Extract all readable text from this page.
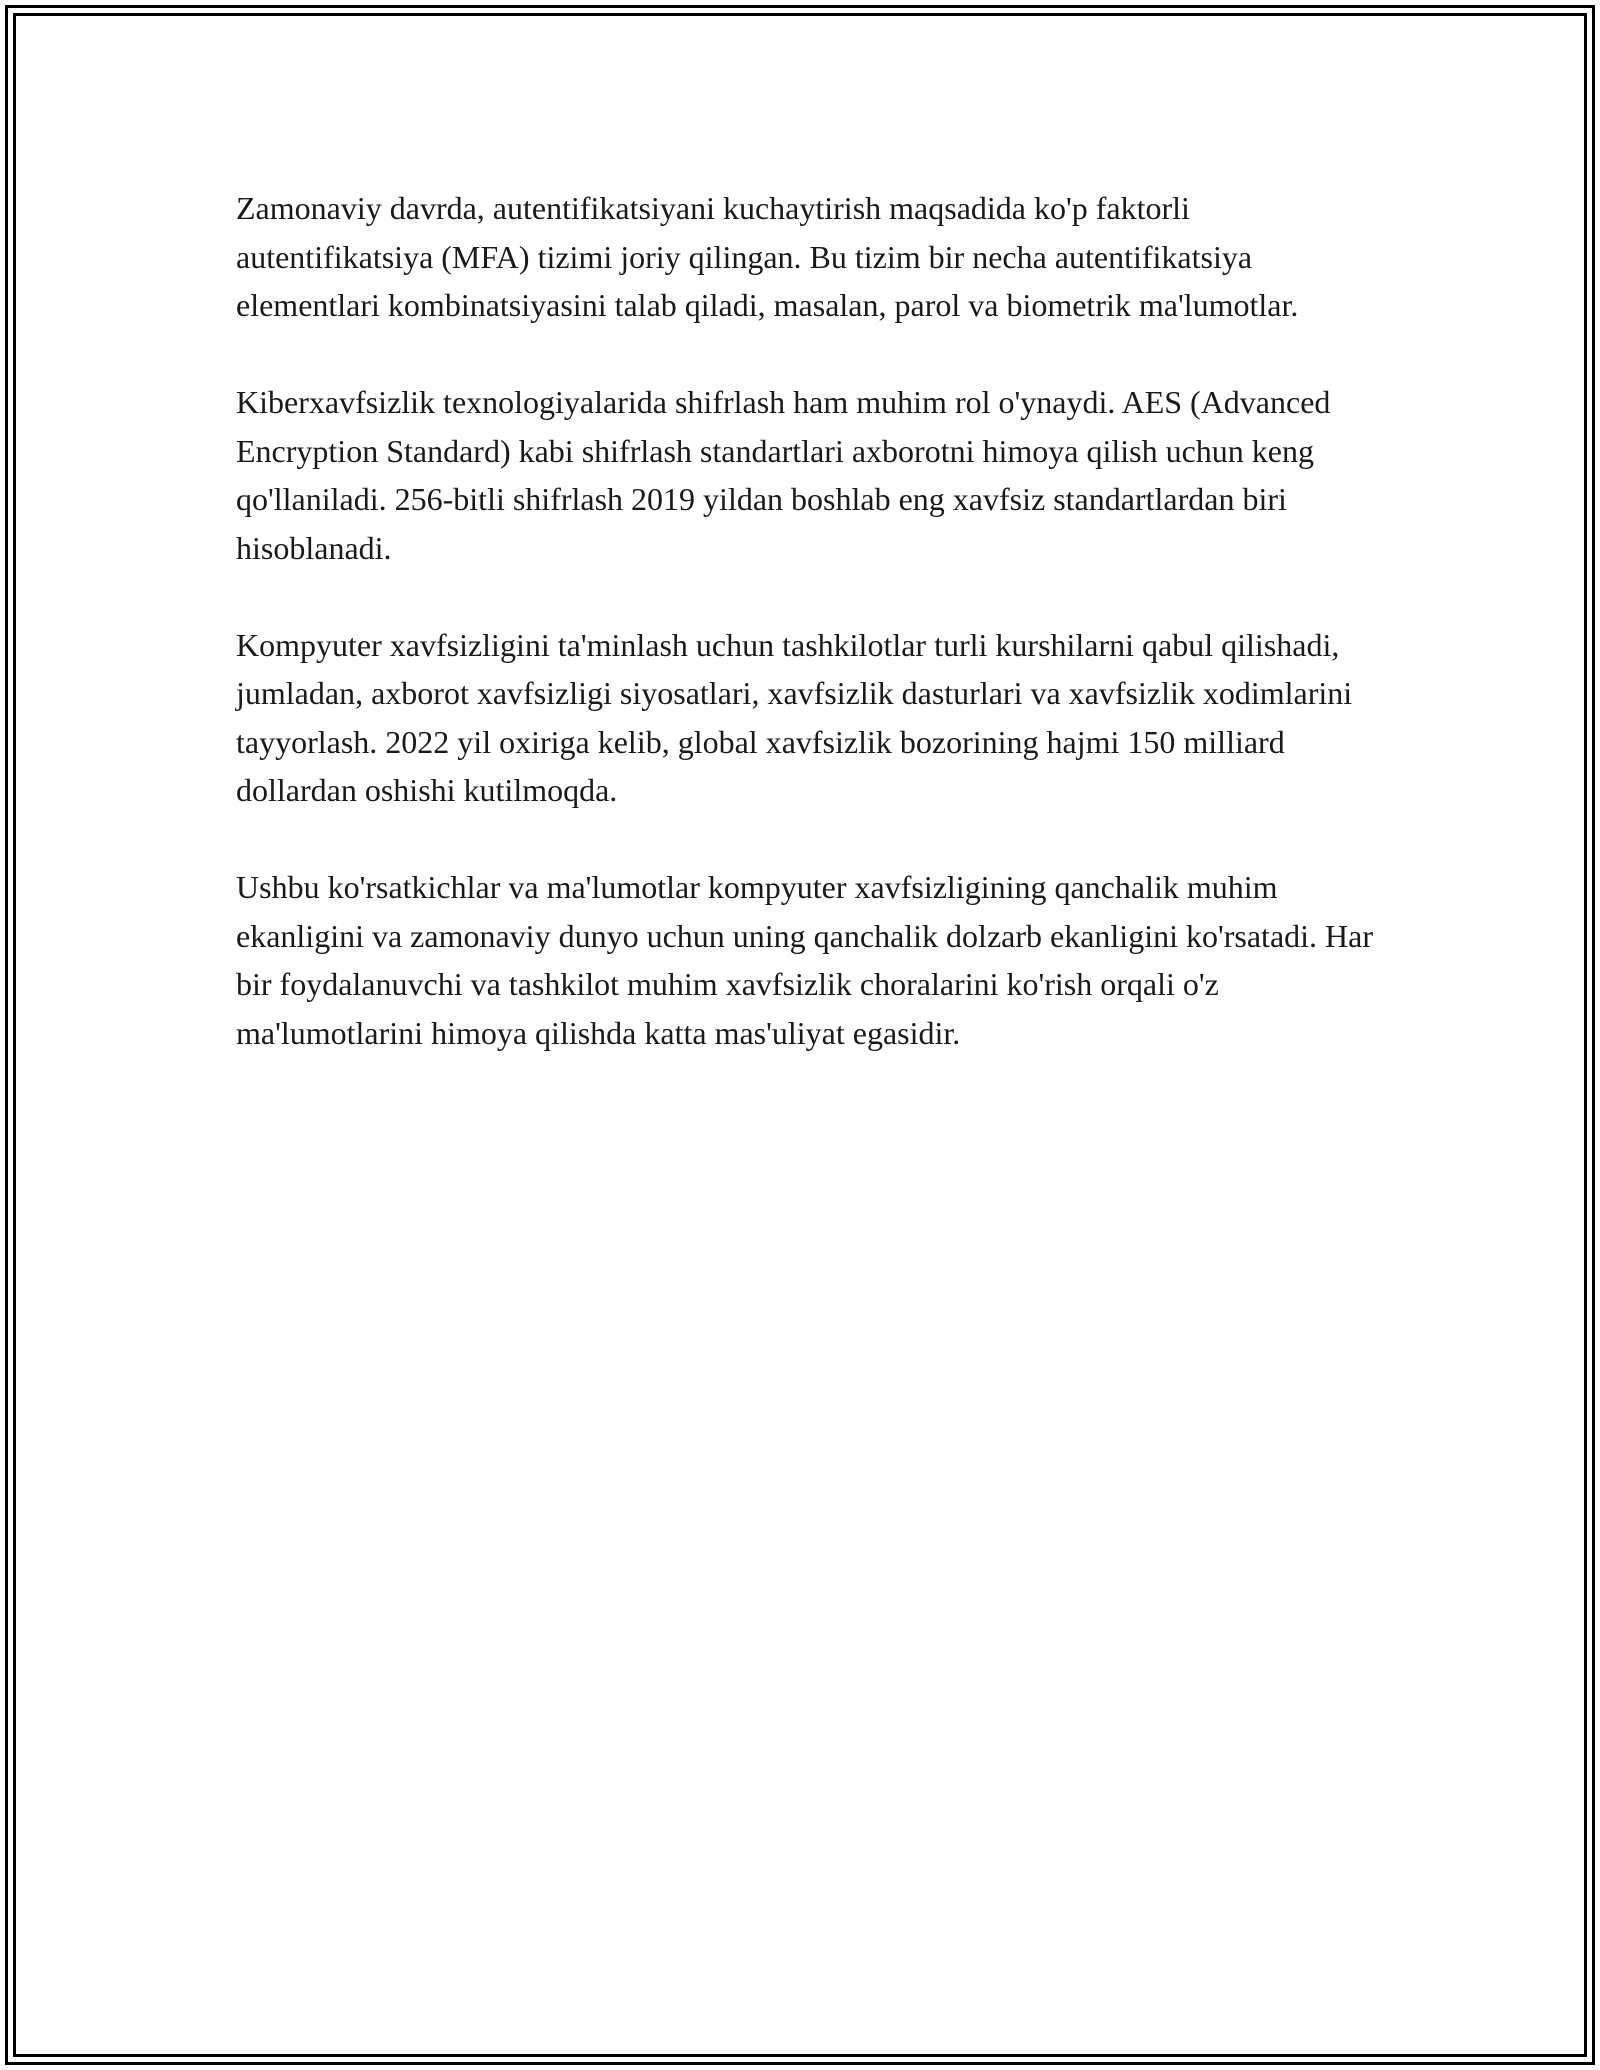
Zamonaviy davrda, autentifikatsiyani kuchaytirish maqsadida ko'p faktorli autentifikatsiya (MFA) tizimi joriy qilingan. Bu tizim bir necha autentifikatsiya elementlari kombinatsiyasini talab qiladi, masalan, parol va biometrik ma'lumotlar.

Kiberxavfsizlik texnologiyalarida shifrlash ham muhim rol o'ynaydi. AES (Advanced Encryption Standard) kabi shifrlash standartlari axborotni himoya qilish uchun keng qo'llaniladi. 256-bitli shifrlash 2019 yildan boshlab eng xavfsiz standartlardan biri hisoblanadi.

Kompyuter xavfsizligini ta'minlash uchun tashkilotlar turli kurshilarni qabul qilishadi, jumladan, axborot xavfsizligi siyosatlari, xavfsizlik dasturlari va xavfsizlik xodimlarini tayyorlash. 2022 yil oxiriga kelib, global xavfsizlik bozorining hajmi 150 milliard dollardan oshishi kutilmoqda.

Ushbu ko'rsatkichlar va ma'lumotlar kompyuter xavfsizligining qanchalik muhim ekanligini va zamonaviy dunyo uchun uning qanchalik dolzarb ekanligini ko'rsatadi. Har bir foydalanuvchi va tashkilot muhim xavfsizlik choralarini ko'rish orqali o'z ma'lumotlarini himoya qilishda katta mas'uliyat egasidir.
